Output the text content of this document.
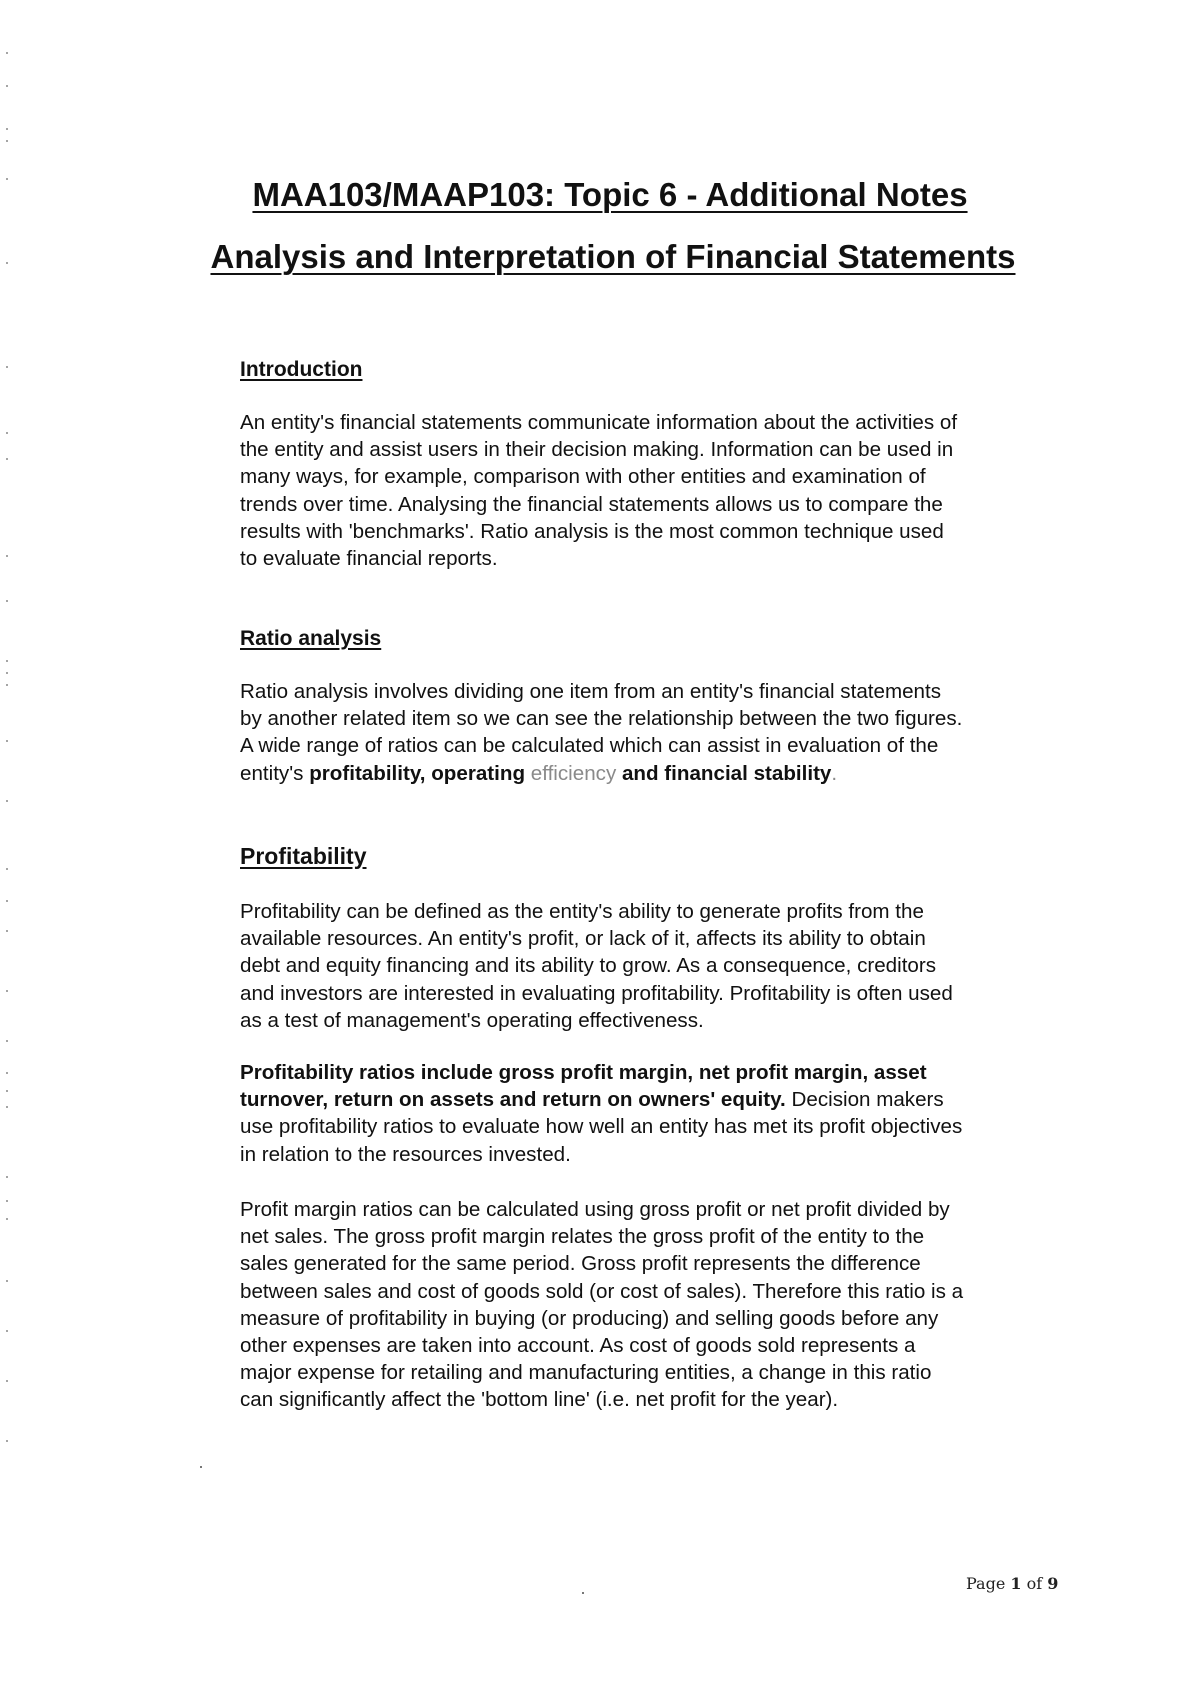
MAA103/MAAP103: Topic 6 - Additional Notes
Analysis and Interpretation of Financial Statements
Introduction

An entity's financial statements communicate information about the activities of
the entity and assist users in their decision making. Information can be used in
many ways, for example, comparison with other entities and examination of
trends over time. Analysing the financial statements allows us to compare the
results with 'benchmarks'. Ratio analysis is the most common technique used
to evaluate financial reports.

Ratio analysis

Ratio analysis involves dividing one item from an entity's financial statements
by another related item so we can see the relationship between the two figures.
A wide range of ratios can be calculated which can assist in evaluation of the
entity's profitability, operating efficiency and financial stability.

Profitability

Profitability can be defined as the entity's ability to generate profits from the
available resources. An entity's profit, or lack of it, affects its ability to obtain
debt and equity financing and its ability to grow. As a consequence, creditors
and investors are interested in evaluating profitability. Profitability is often used
as a test of management's operating effectiveness.

Profitability ratios include gross profit margin, net profit margin, asset
turnover, return on assets and return on owners' equity. Decision makers
use profitability ratios to evaluate how well an entity has met its profit objectives
in relation to the resources invested.

Profit margin ratios can be calculated using gross profit or net profit divided by
net sales. The gross profit margin relates the gross profit of the entity to the
sales generated for the same period. Gross profit represents the difference
between sales and cost of goods sold (or cost of sales). Therefore this ratio is a
measure of profitability in buying (or producing) and selling goods before any
other expenses are taken into account. As cost of goods sold represents a
major expense for retailing and manufacturing entities, a change in this ratio
can significantly affect the 'bottom line' (i.e. net profit for the year).

Page 1 of 9
